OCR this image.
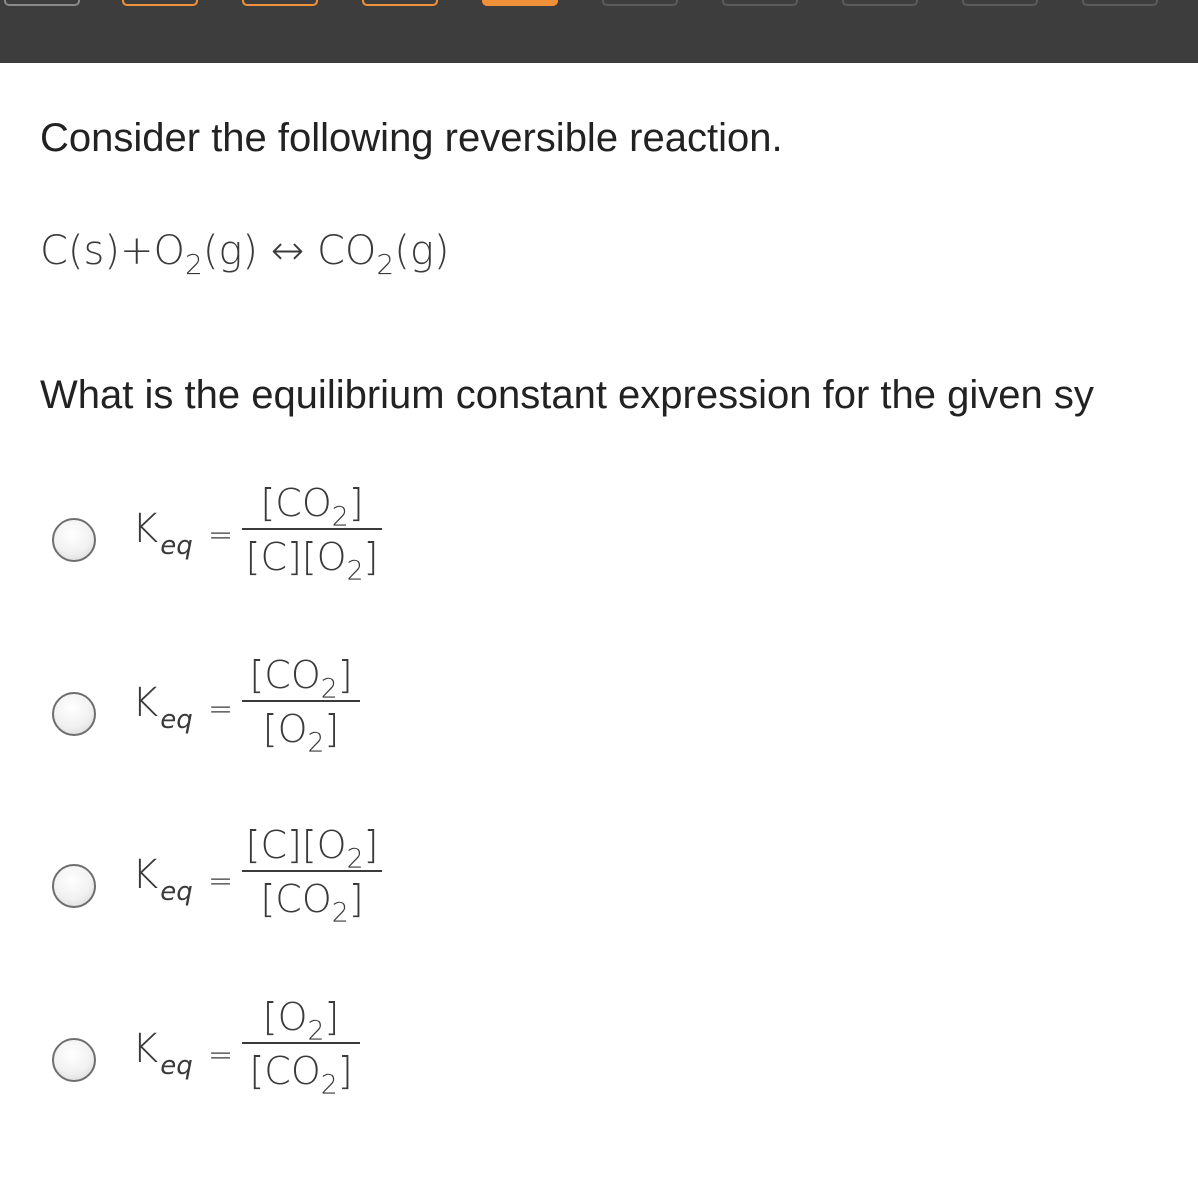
Consider the following reversible reaction.
$C(s)+O_2(g)$ ↔ $CO_2(g)$
What is the equilibrium constant expression for the given sy
$K_{eq}$ =
$[CO_2]$
$[C][O_2]$
$K_{eq}$ =
$[CO_2]$
$[O_2]$
$K_{eq}$ =
$[C][O_2]$
$[CO_2]$
$K_{eq}$ =
$[O_2]$
$[CO_2]$
